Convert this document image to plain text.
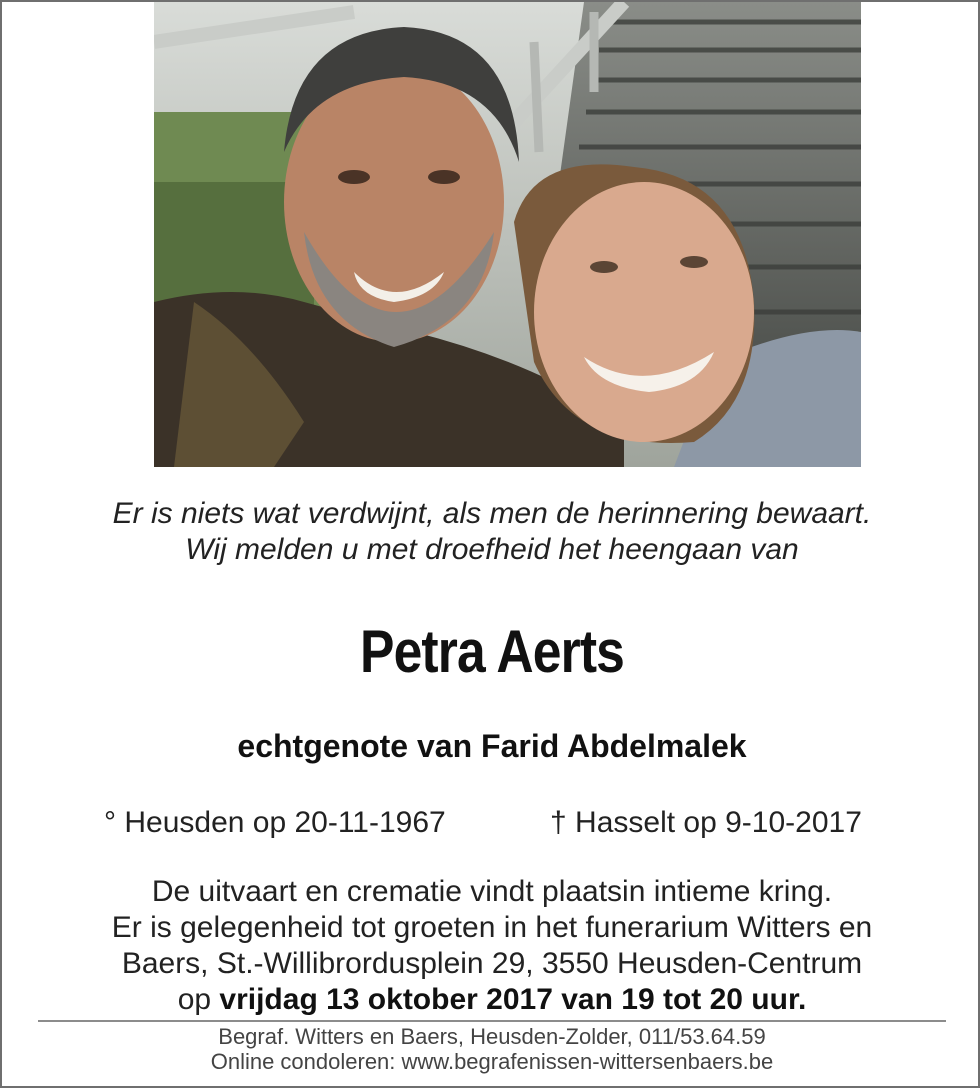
Er is niets wat verdwijnt, als men de herinnering bewaart.
Wij melden u met droefheid het heengaan van
Petra Aerts
echtgenote van Farid Abdelmalek
° Heusden op 20-11-1967	† Hasselt op 9-10-2017
De uitvaart en crematie vindt plaatsin intieme kring.
Er is gelegenheid tot groeten in het funerarium Witters en
Baers, St.-Willibrordusplein 29, 3550 Heusden-Centrum
op vrijdag 13 oktober 2017 van 19 tot 20 uur.
Begraf. Witters en Baers, Heusden-Zolder, 011/53.64.59
Online condoleren: www.begrafenissen-wittersenbaers.be
